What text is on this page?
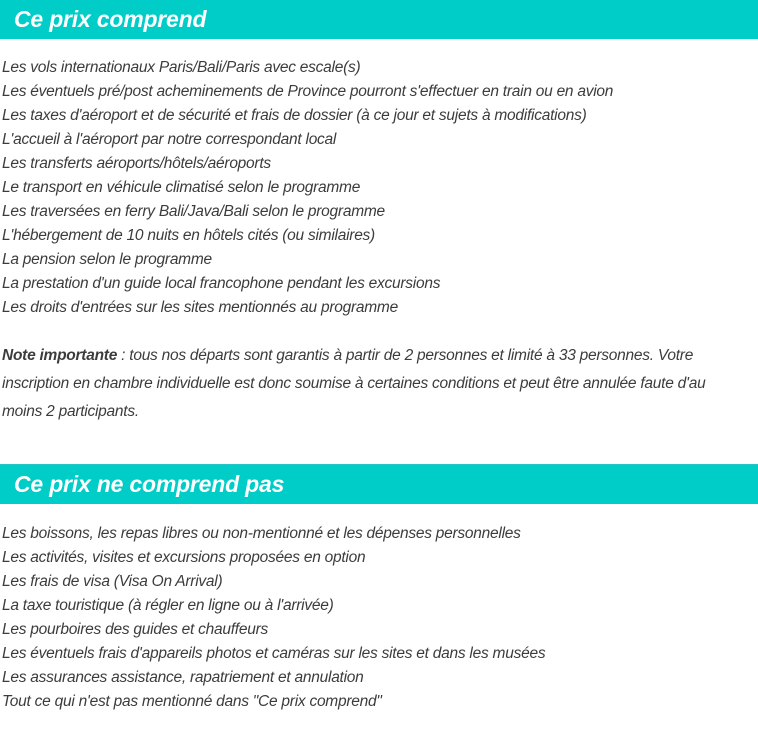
Ce prix comprend
Les vols internationaux Paris/Bali/Paris avec escale(s)
Les éventuels pré/post acheminements de Province pourront s'effectuer en train ou en avion
Les taxes d'aéroport et de sécurité et frais de dossier (à ce jour et sujets à modifications)
L'accueil à l'aéroport par notre correspondant local
Les transferts aéroports/hôtels/aéroports
Le transport en véhicule climatisé selon le programme
Les traversées en ferry Bali/Java/Bali selon le programme
L'hébergement de 10 nuits en hôtels cités (ou similaires)
La pension selon le programme
La prestation d'un guide local francophone pendant les excursions
Les droits d'entrées sur les sites mentionnés au programme

Note importante : tous nos départs sont garantis à partir de 2 personnes et limité à 33 personnes. Votre inscription en chambre individuelle est donc soumise à certaines conditions et peut être annulée faute d'au moins 2 participants.

Ce prix ne comprend pas
Les boissons, les repas libres ou non-mentionné et les dépenses personnelles
Les activités, visites et excursions proposées en option
Les frais de visa (Visa On Arrival)
La taxe touristique (à régler en ligne ou à l'arrivée)
Les pourboires des guides et chauffeurs
Les éventuels frais d'appareils photos et caméras sur les sites et dans les musées
Les assurances assistance, rapatriement et annulation
Tout ce qui n'est pas mentionné dans "Ce prix comprend"
